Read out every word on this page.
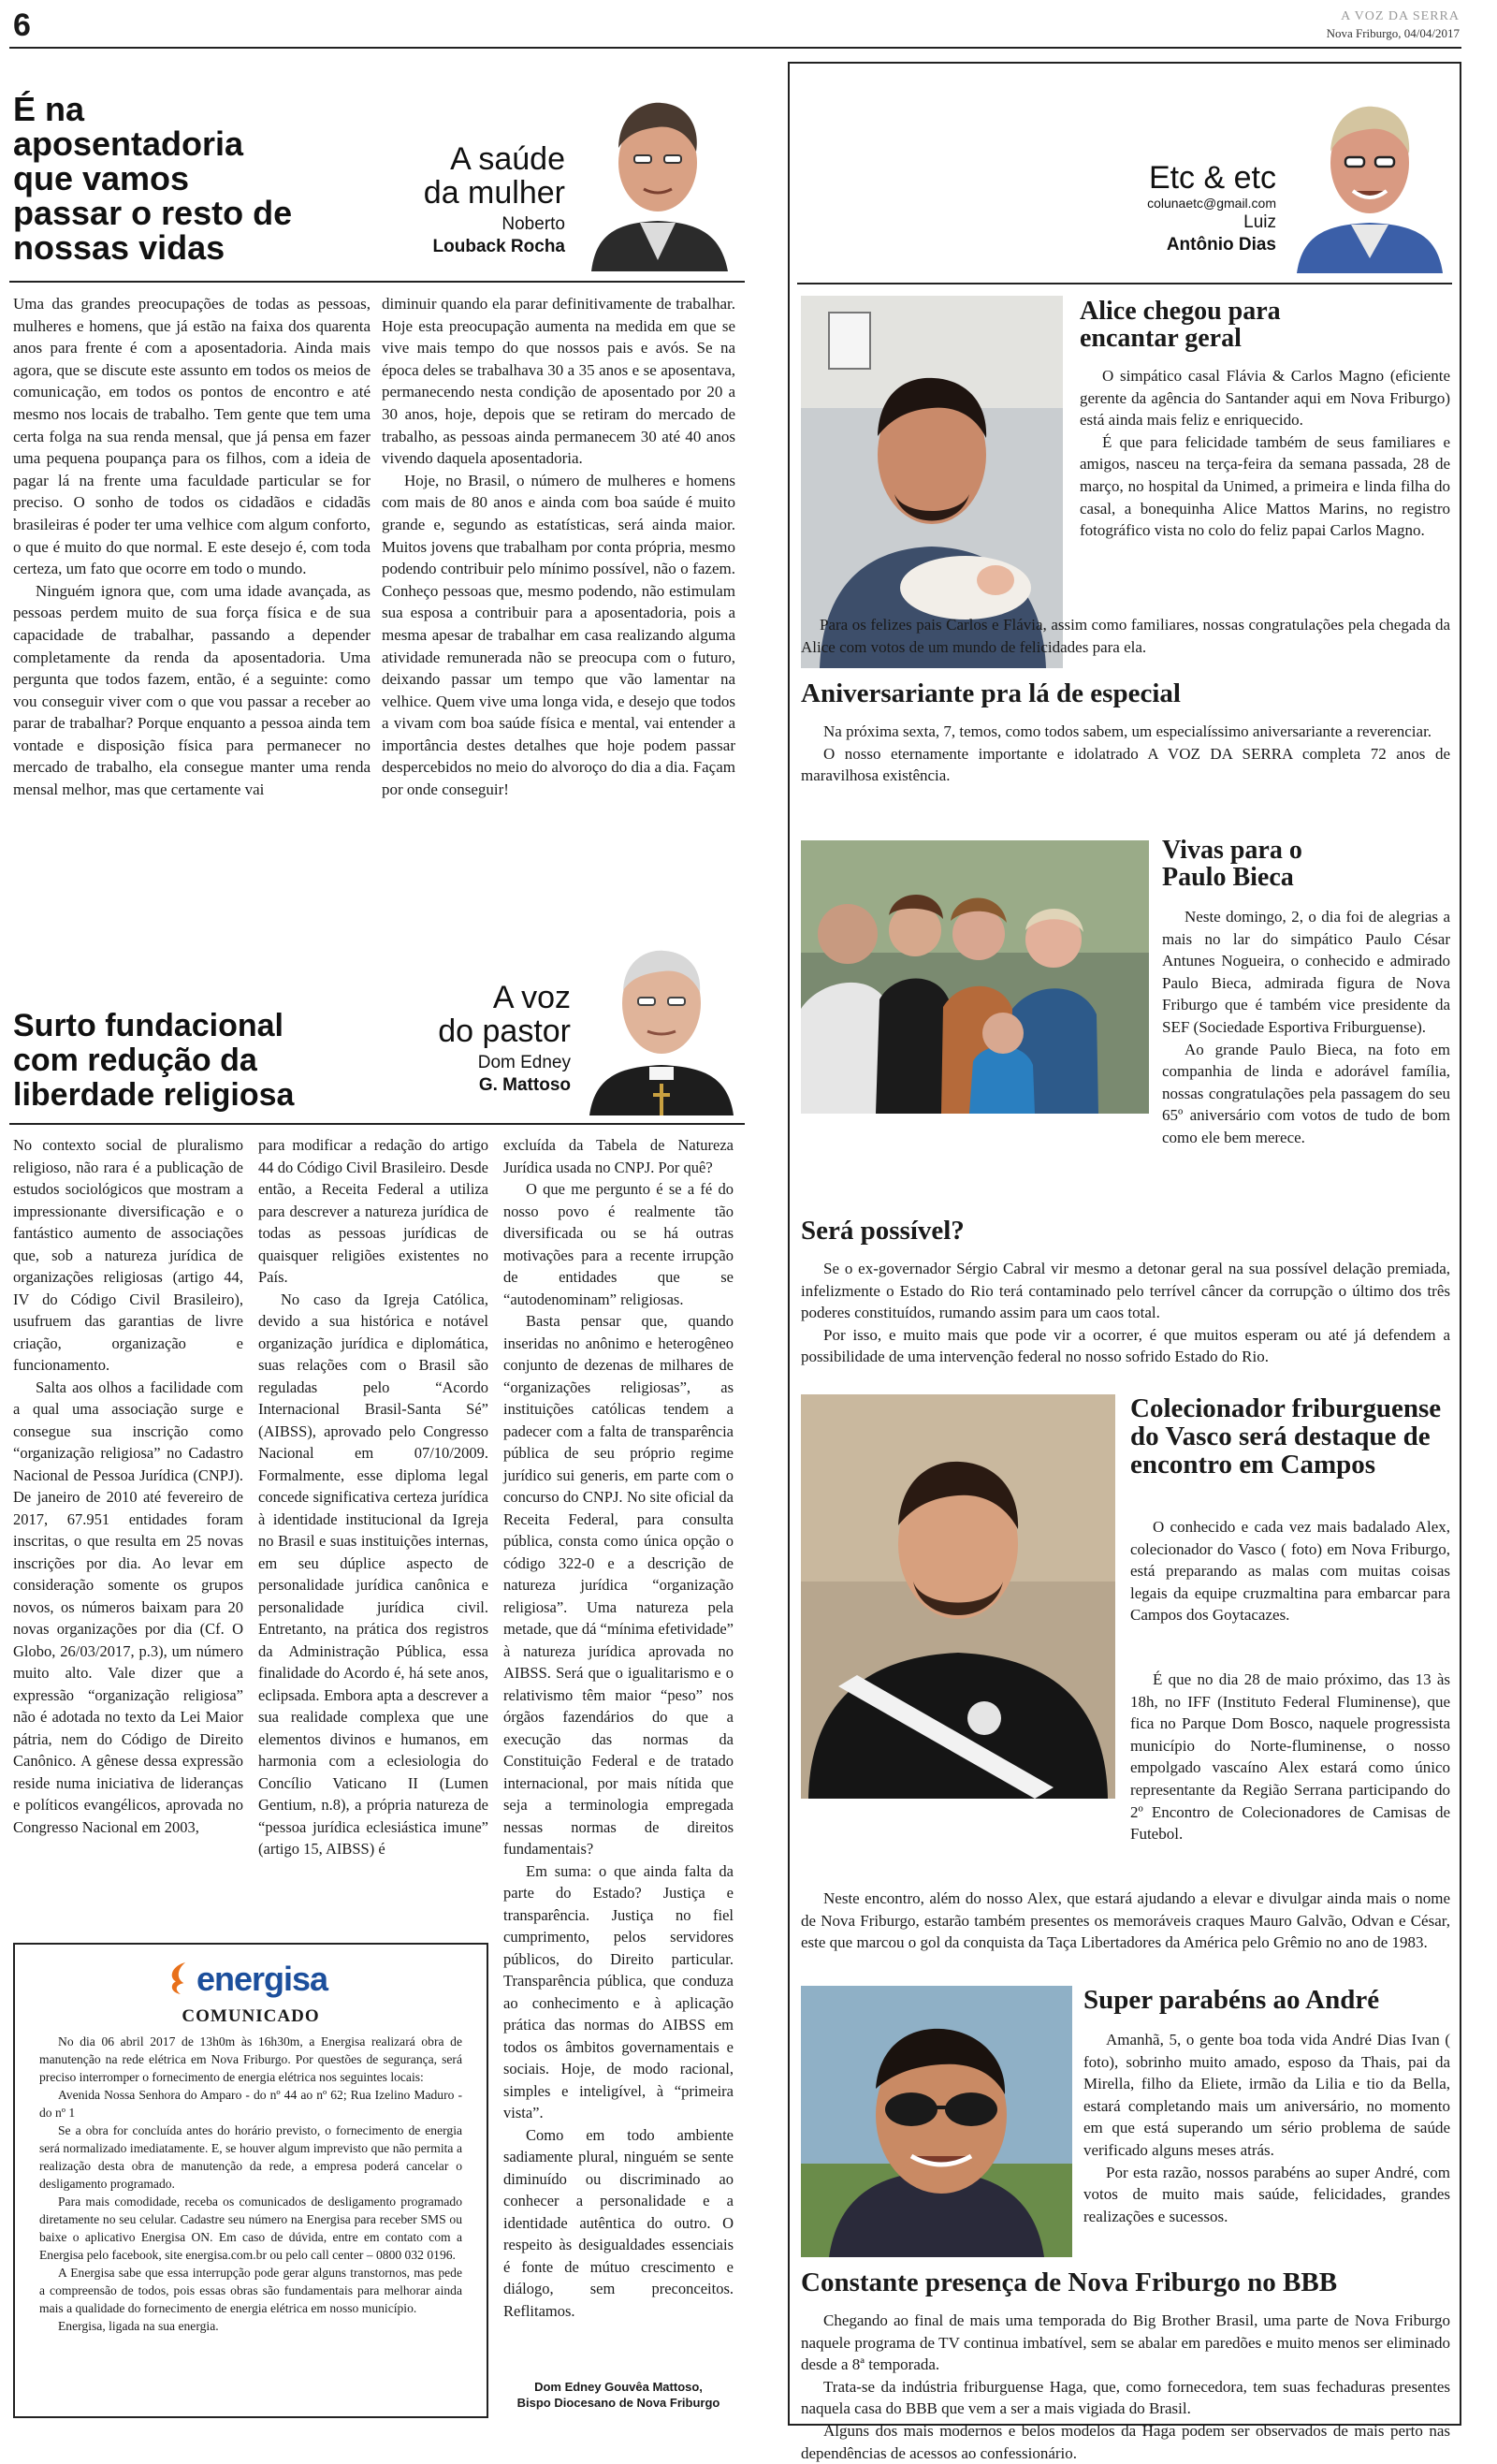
6	A VOZ DA SERRA
Nova Friburgo, 04/04/2017
É na aposentadoria que vamos passar o resto de nossas vidas
A saúde
da mulher
Noberto
Louback Rocha

Uma das grandes preocupações de todas as pessoas, mulheres e homens, que já estão na faixa dos quarenta anos para frente é com a aposentadoria. Ainda mais agora, que se discute este assunto em todos os meios de comunicação, em todos os pontos de encontro e até mesmo nos locais de trabalho. Tem gente que tem uma certa folga na sua renda mensal, que já pensa em fazer uma pequena poupança para os filhos, com a ideia de pagar lá na frente uma faculdade particular se for preciso. O sonho de todos os cidadãos e cidadãs brasileiras é poder ter uma velhice com algum conforto, o que é muito do que normal. E este desejo é, com toda certeza, um fato que ocorre em todo o mundo.

Ninguém ignora que, com uma idade avançada, as pessoas perdem muito de sua força física e de sua capacidade de trabalhar, passando a depender completamente da renda da aposentadoria. Uma pergunta que todos fazem, então, é a seguinte: como vou conseguir viver com o que vou passar a receber ao parar de trabalhar? Porque enquanto a pessoa ainda tem vontade e disposição física para permanecer no mercado de trabalho, ela consegue manter uma renda mensal melhor, mas que certamente vai

diminuir quando ela parar definitivamente de trabalhar. Hoje esta preocupação aumenta na medida em que se vive mais tempo do que nossos pais e avós. Se na época deles se trabalhava 30 a 35 anos e se aposentava, permanecendo nesta condição de aposentado por 20 a 30 anos, hoje, depois que se retiram do mercado de trabalho, as pessoas ainda permanecem 30 até 40 anos vivendo daquela aposentadoria.

Hoje, no Brasil, o número de mulheres e homens com mais de 80 anos e ainda com boa saúde é muito grande e, segundo as estatísticas, será ainda maior. Muitos jovens que trabalham por conta própria, mesmo podendo contribuir pelo mínimo possível, não o fazem. Conheço pessoas que, mesmo podendo, não estimulam sua esposa a contribuir para a aposentadoria, pois a mesma apesar de trabalhar em casa realizando alguma atividade remunerada não se preocupa com o futuro, deixando passar um tempo que vão lamentar na velhice. Quem vive uma longa vida, e desejo que todos a vivam com boa saúde física e mental, vai entender a importância destes detalhes que hoje podem passar despercebidos no meio do alvoroço do dia a dia. Façam por onde conseguir!

Surto fundacional com redução da liberdade religiosa
A voz
do pastor
Dom Edney
G. Mattoso

No contexto social de pluralismo religioso, não rara é a publicação de estudos sociológicos que mostram a impressionante diversificação e o fantástico aumento de associações que, sob a natureza jurídica de organizações religiosas (artigo 44, IV do Código Civil Brasileiro), usufruem das garantias de livre criação, organização e funcionamento.

Salta aos olhos a facilidade com a qual uma associação surge e consegue sua inscrição como “organização religiosa” no Cadastro Nacional de Pessoa Jurídica (CNPJ). De janeiro de 2010 até fevereiro de 2017, 67.951 entidades foram inscritas, o que resulta em 25 novas inscrições por dia. Ao levar em consideração somente os grupos novos, os números baixam para 20 novas organizações por dia (Cf. O Globo, 26/03/2017, p.3), um número muito alto. Vale dizer que a expressão “organização religiosa” não é adotada no texto da Lei Maior pátria, nem do Código de Direito Canônico. A gênese dessa expressão reside numa iniciativa de lideranças e políticos evangélicos, aprovada no Congresso Nacional em 2003,

para modificar a redação do artigo 44 do Código Civil Brasileiro. Desde então, a Receita Federal a utiliza para descrever a natureza jurídica de todas as pessoas jurídicas de quaisquer religiões existentes no País.

No caso da Igreja Católica, devido a sua histórica e notável organização jurídica e diplomática, suas relações com o Brasil são reguladas pelo “Acordo Internacional Brasil-Santa Sé” (AIBSS), aprovado pelo Congresso Nacional em 07/10/2009. Formalmente, esse diploma legal concede significativa certeza jurídica à identidade institucional da Igreja no Brasil e suas instituições internas, em seu dúplice aspecto de personalidade jurídica canônica e personalidade jurídica civil. Entretanto, na prática dos registros da Administração Pública, essa finalidade do Acordo é, há sete anos, eclipsada. Embora apta a descrever a sua realidade complexa que une elementos divinos e humanos, em harmonia com a eclesiologia do Concílio Vaticano II (Lumen Gentium, n.8), a própria natureza de “pessoa jurídica eclesiástica imune” (artigo 15, AIBSS) é

excluída da Tabela de Natureza Jurídica usada no CNPJ. Por quê?

O que me pergunto é se a fé do nosso povo é realmente tão diversificada ou se há outras motivações para a recente irrupção de entidades que se “autodenominam” religiosas.

Basta pensar que, quando inseridas no anônimo e heterogêneo conjunto de dezenas de milhares de “organizações religiosas”, as instituições católicas tendem a padecer com a falta de transparência pública de seu próprio regime jurídico sui generis, em parte com o concurso do CNPJ. No site oficial da Receita Federal, para consulta pública, consta como única opção o código 322-0 e a descrição de natureza jurídica “organização religiosa”. Uma natureza pela metade, que dá “mínima efetividade” à natureza jurídica aprovada no AIBSS. Será que o igualitarismo e o relativismo têm maior “peso” nos órgãos fazendários do que a execução das normas da Constituição Federal e de tratado internacional, por mais nítida que seja a terminologia empregada nessas normas de direitos fundamentais?

Em suma: o que ainda falta da parte do Estado? Justiça e transparência. Justiça no fiel cumprimento, pelos servidores públicos, do Direito particular. Transparência pública, que conduza ao conhecimento e à aplicação prática das normas do AIBSS em todos os âmbitos governamentais e sociais. Hoje, de modo racional, simples e inteligível, à “primeira vista”.

Como em todo ambiente sadiamente plural, ninguém se sente diminuído ou discriminado ao conhecer a personalidade e a identidade autêntica do outro. O respeito às desigualdades essenciais é fonte de mútuo crescimento e diálogo, sem preconceitos. Reflitamos.

Dom Edney Gouvêa Mattoso,
Bispo Diocesano de Nova Friburgo
energisa
COMUNICADO

No dia 06 abril 2017 de 13h0m às 16h30m, a Energisa realizará obra de manutenção na rede elétrica em Nova Friburgo. Por questões de segurança, será preciso interromper o fornecimento de energia elétrica nos seguintes locais:

Avenida Nossa Senhora do Amparo - do nº 44 ao nº 62; Rua Izelino Maduro - do nº 1

Se a obra for concluída antes do horário previsto, o fornecimento de energia será normalizado imediatamente. E, se houver algum imprevisto que não permita a realização desta obra de manutenção da rede, a empresa poderá cancelar o desligamento programado.

Para mais comodidade, receba os comunicados de desligamento programado diretamente no seu celular. Cadastre seu número na Energisa para receber SMS ou baixe o aplicativo Energisa ON. Em caso de dúvida, entre em contato com a Energisa pelo facebook, site energisa.com.br ou pelo call center – 0800 032 0196.

A Energisa sabe que essa interrupção pode gerar alguns transtornos, mas pede a compreensão de todos, pois essas obras são fundamentais para melhorar ainda mais a qualidade do fornecimento de energia elétrica em nosso município.

Energisa, ligada na sua energia.

Etc & etc
colunaetc@gmail.com
Luiz
Antônio Dias
Alice chegou para encantar geral

O simpático casal Flávia & Carlos Magno (eficiente gerente da agência do Santander aqui em Nova Friburgo) está ainda mais feliz e enriquecido.

É que para felicidade também de seus familiares e amigos, nasceu na terça-feira da semana passada, 28 de março, no hospital da Unimed, a primeira e linda filha do casal, a bonequinha Alice Mattos Marins, no registro fotográfico vista no colo do feliz papai Carlos Magno.

Para os felizes pais Carlos e Flávia, assim como familiares, nossas congratulações pela chegada da Alice com votos de um mundo de felicidades para ela.

Aniversariante pra lá de especial

Na próxima sexta, 7, temos, como todos sabem, um especialíssimo aniversariante a reverenciar.

O nosso eternamente importante e idolatrado A VOZ DA SERRA completa 72 anos de maravilhosa existência.

Vivas para o Paulo Bieca

Neste domingo, 2, o dia foi de alegrias a mais no lar do simpático Paulo César Antunes Nogueira, o conhecido e admirado Paulo Bieca, admirada figura de Nova Friburgo que é também vice presidente da SEF (Sociedade Esportiva Friburguense).

Ao grande Paulo Bieca, na foto em companhia de linda e adorável família, nossas congratulações pela passagem do seu 65º aniversário com votos de tudo de bom como ele bem merece.

Será possível?

Se o ex-governador Sérgio Cabral vir mesmo a detonar geral na sua possível delação premiada, infelizmente o Estado do Rio terá contaminado pelo terrível câncer da corrupção o último dos três poderes constituídos, rumando assim para um caos total.

Por isso, e muito mais que pode vir a ocorrer, é que muitos esperam ou até já defendem a possibilidade de uma intervenção federal no nosso sofrido Estado do Rio.

Colecionador friburguense do Vasco será destaque de encontro em Campos

O conhecido e cada vez mais badalado Alex, colecionador do Vasco ( foto) em Nova Friburgo, está preparando as malas com muitas coisas legais da equipe cruzmaltina para embarcar para Campos dos Goytacazes.

É que no dia 28 de maio próximo, das 13 às 18h, no IFF (Instituto Federal Fluminense), que fica no Parque Dom Bosco, naquele progressista município do Norte-fluminense, o nosso empolgado vascaíno Alex estará como único representante da Região Serrana participando do 2º Encontro de Colecionadores de Camisas de Futebol.

Neste encontro, além do nosso Alex, que estará ajudando a elevar e divulgar ainda mais o nome de Nova Friburgo, estarão também presentes os memoráveis craques Mauro Galvão, Odvan e César, este que marcou o gol da conquista da Taça Libertadores da América pelo Grêmio no ano de 1983.

Super parabéns ao André

Amanhã, 5, o gente boa toda vida André Dias Ivan ( foto), sobrinho muito amado, esposo da Thais, pai da Mirella, filho da Eliete, irmão da Lilia e tio da Bella, estará completando mais um aniversário, no momento em que está superando um sério problema de saúde verificado alguns meses atrás.

Por esta razão, nossos parabéns ao super André, com votos de muito mais saúde, felicidades, grandes realizações e sucessos.

Constante presença de Nova Friburgo no BBB

Chegando ao final de mais uma temporada do Big Brother Brasil, uma parte de Nova Friburgo naquele programa de TV continua imbatível, sem se abalar em paredões e muito menos ser eliminado desde a 8ª temporada.

Trata-se da indústria friburguense Haga, que, como fornecedora, tem suas fechaduras presentes naquela casa do BBB que vem a ser a mais vigiada do Brasil.

Alguns dos mais modernos e belos modelos da Haga podem ser observados de mais perto nas dependências de acessos ao confessionário.
